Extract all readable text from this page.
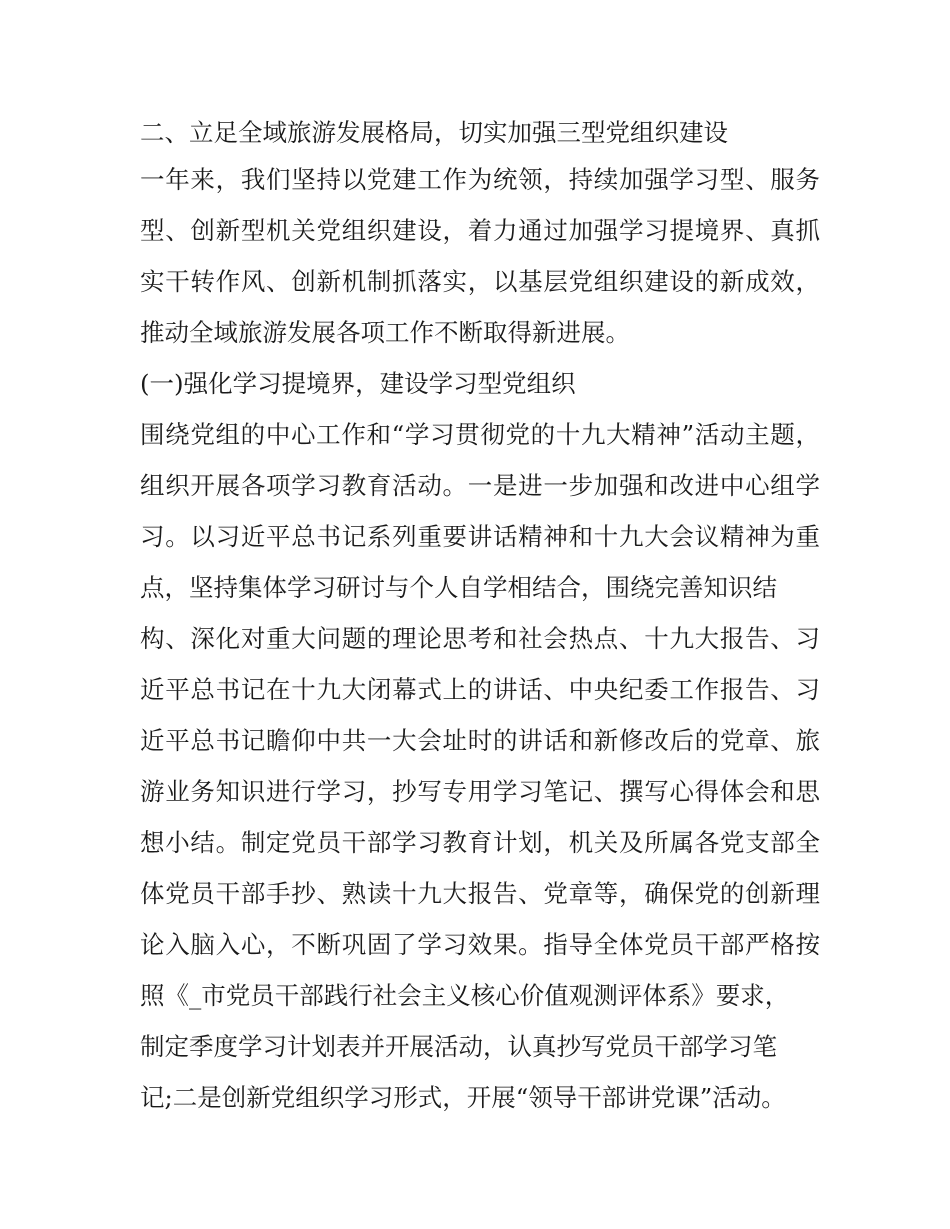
二、立足全域旅游发展格局，切实加强三型党组织建设
一年来，我们坚持以党建工作为统领，持续加强学习型、服务
型、创新型机关党组织建设，着力通过加强学习提境界、真抓
实干转作风、创新机制抓落实，以基层党组织建设的新成效，
推动全域旅游发展各项工作不断取得新进展。
(一)强化学习提境界，建设学习型党组织
围绕党组的中心工作和“学习贯彻党的十九大精神”活动主题，
组织开展各项学习教育活动。一是进一步加强和改进中心组学
习。以习近平总书记系列重要讲话精神和十九大会议精神为重
点，坚持集体学习研讨与个人自学相结合，围绕完善知识结
构、深化对重大问题的理论思考和社会热点、十九大报告、习
近平总书记在十九大闭幕式上的讲话、中央纪委工作报告、习
近平总书记瞻仰中共一大会址时的讲话和新修改后的党章、旅
游业务知识进行学习，抄写专用学习笔记、撰写心得体会和思
想小结。制定党员干部学习教育计划，机关及所属各党支部全
体党员干部手抄、熟读十九大报告、党章等，确保党的创新理
论入脑入心，不断巩固了学习效果。指导全体党员干部严格按
照《_市党员干部践行社会主义核心价值观测评体系》要求，
制定季度学习计划表并开展活动，认真抄写党员干部学习笔
记;二是创新党组织学习形式，开展“领导干部讲党课”活动。
